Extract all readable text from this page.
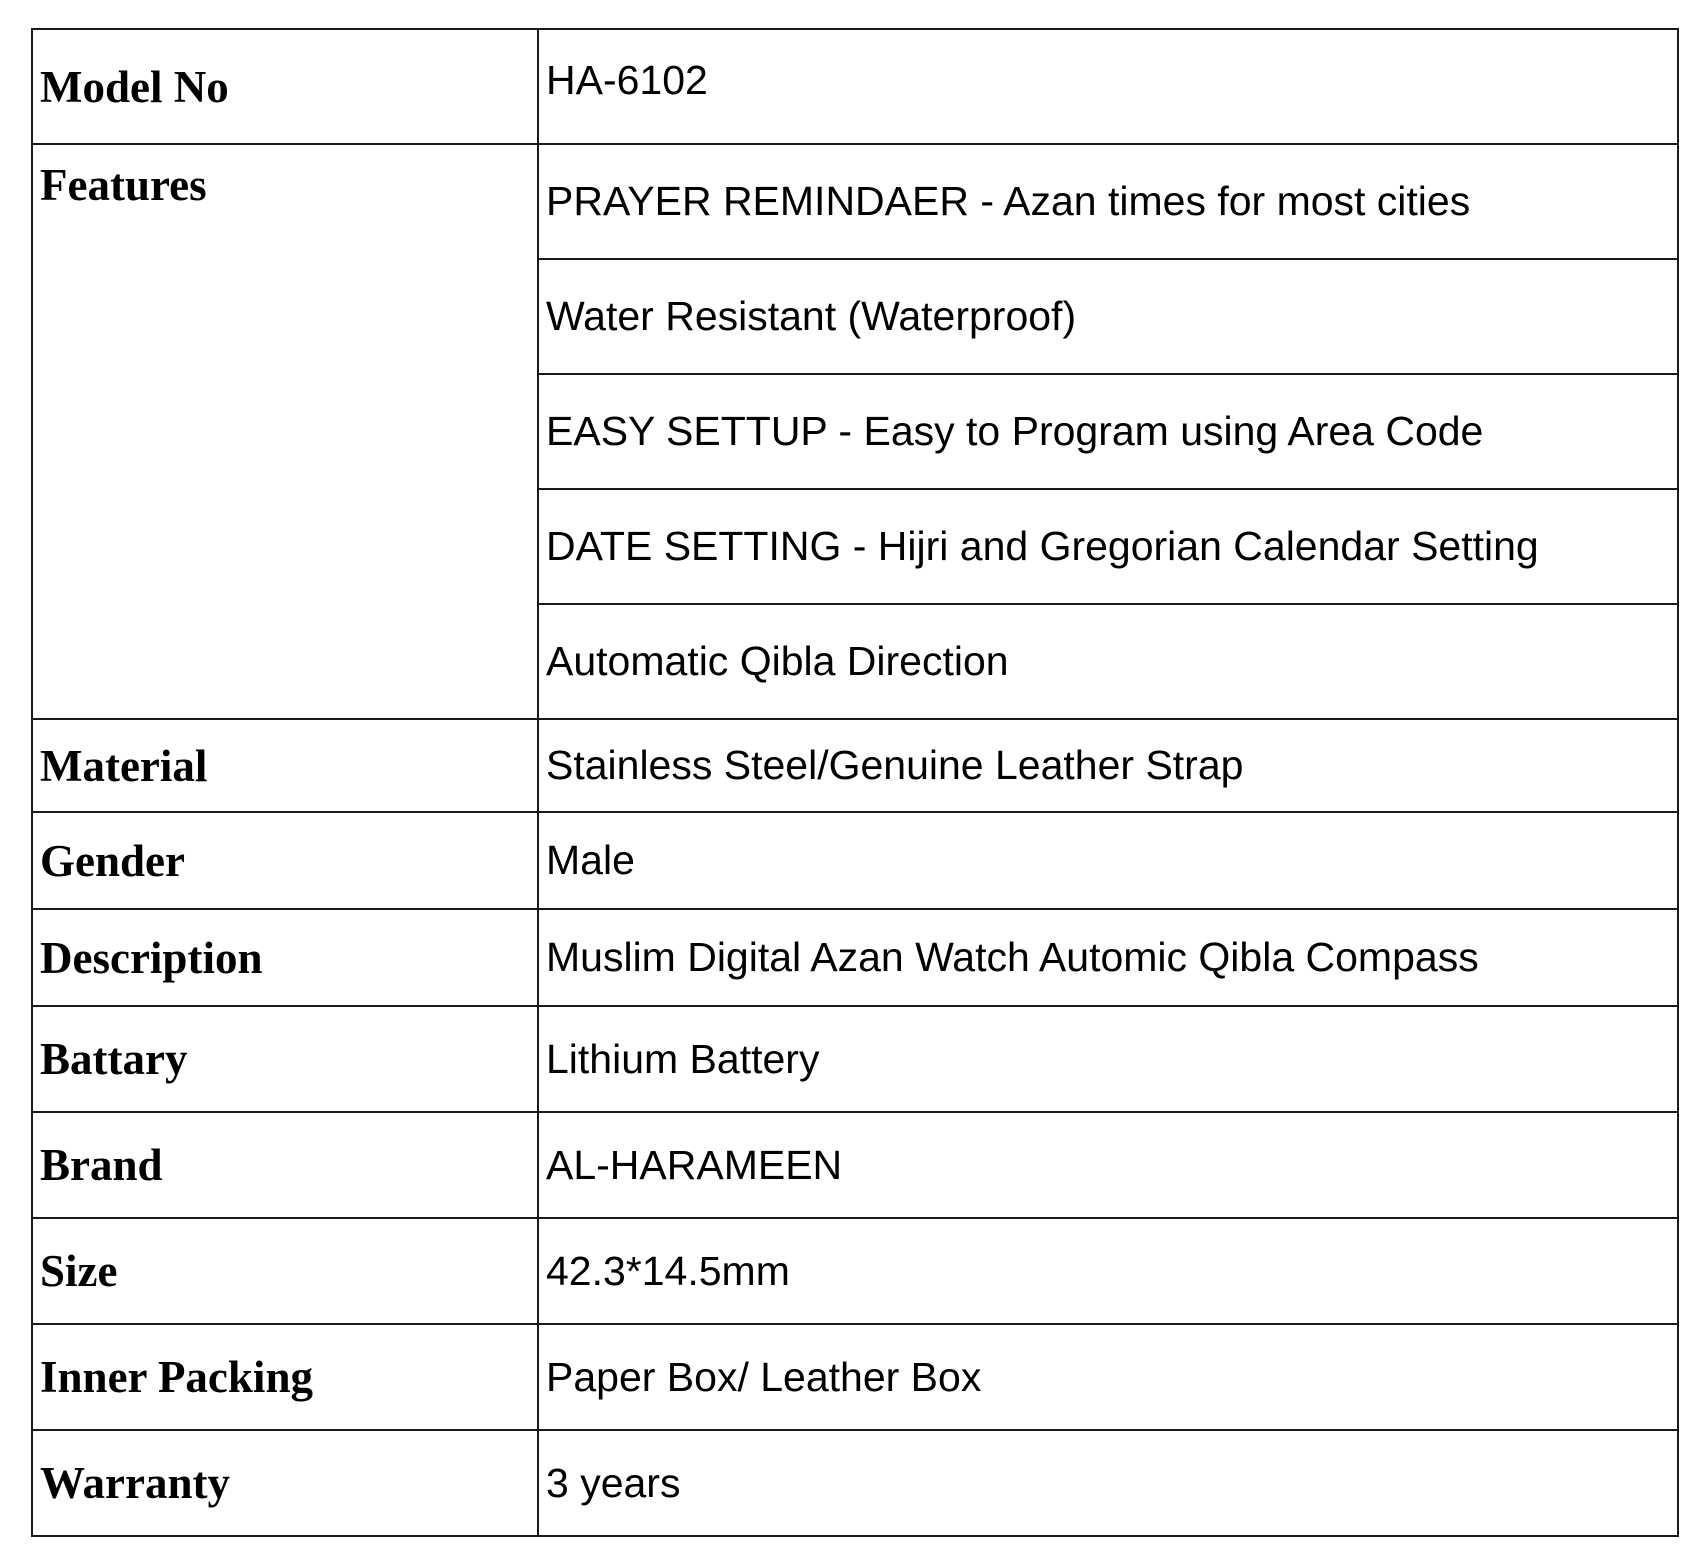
Model No	HA-6102
Features	PRAYER REMINDAER - Azan times for most cities
	Water Resistant (Waterproof)
	EASY SETTUP - Easy to Program using Area Code
	DATE SETTING - Hijri and Gregorian Calendar Setting
	Automatic Qibla Direction
Material	Stainless Steel/Genuine Leather Strap
Gender	Male
Description	Muslim Digital Azan Watch Automic Qibla Compass
Battary	Lithium Battery
Brand	AL-HARAMEEN
Size	42.3*14.5mm
Inner Packing	Paper Box/ Leather Box
Warranty	3 years
